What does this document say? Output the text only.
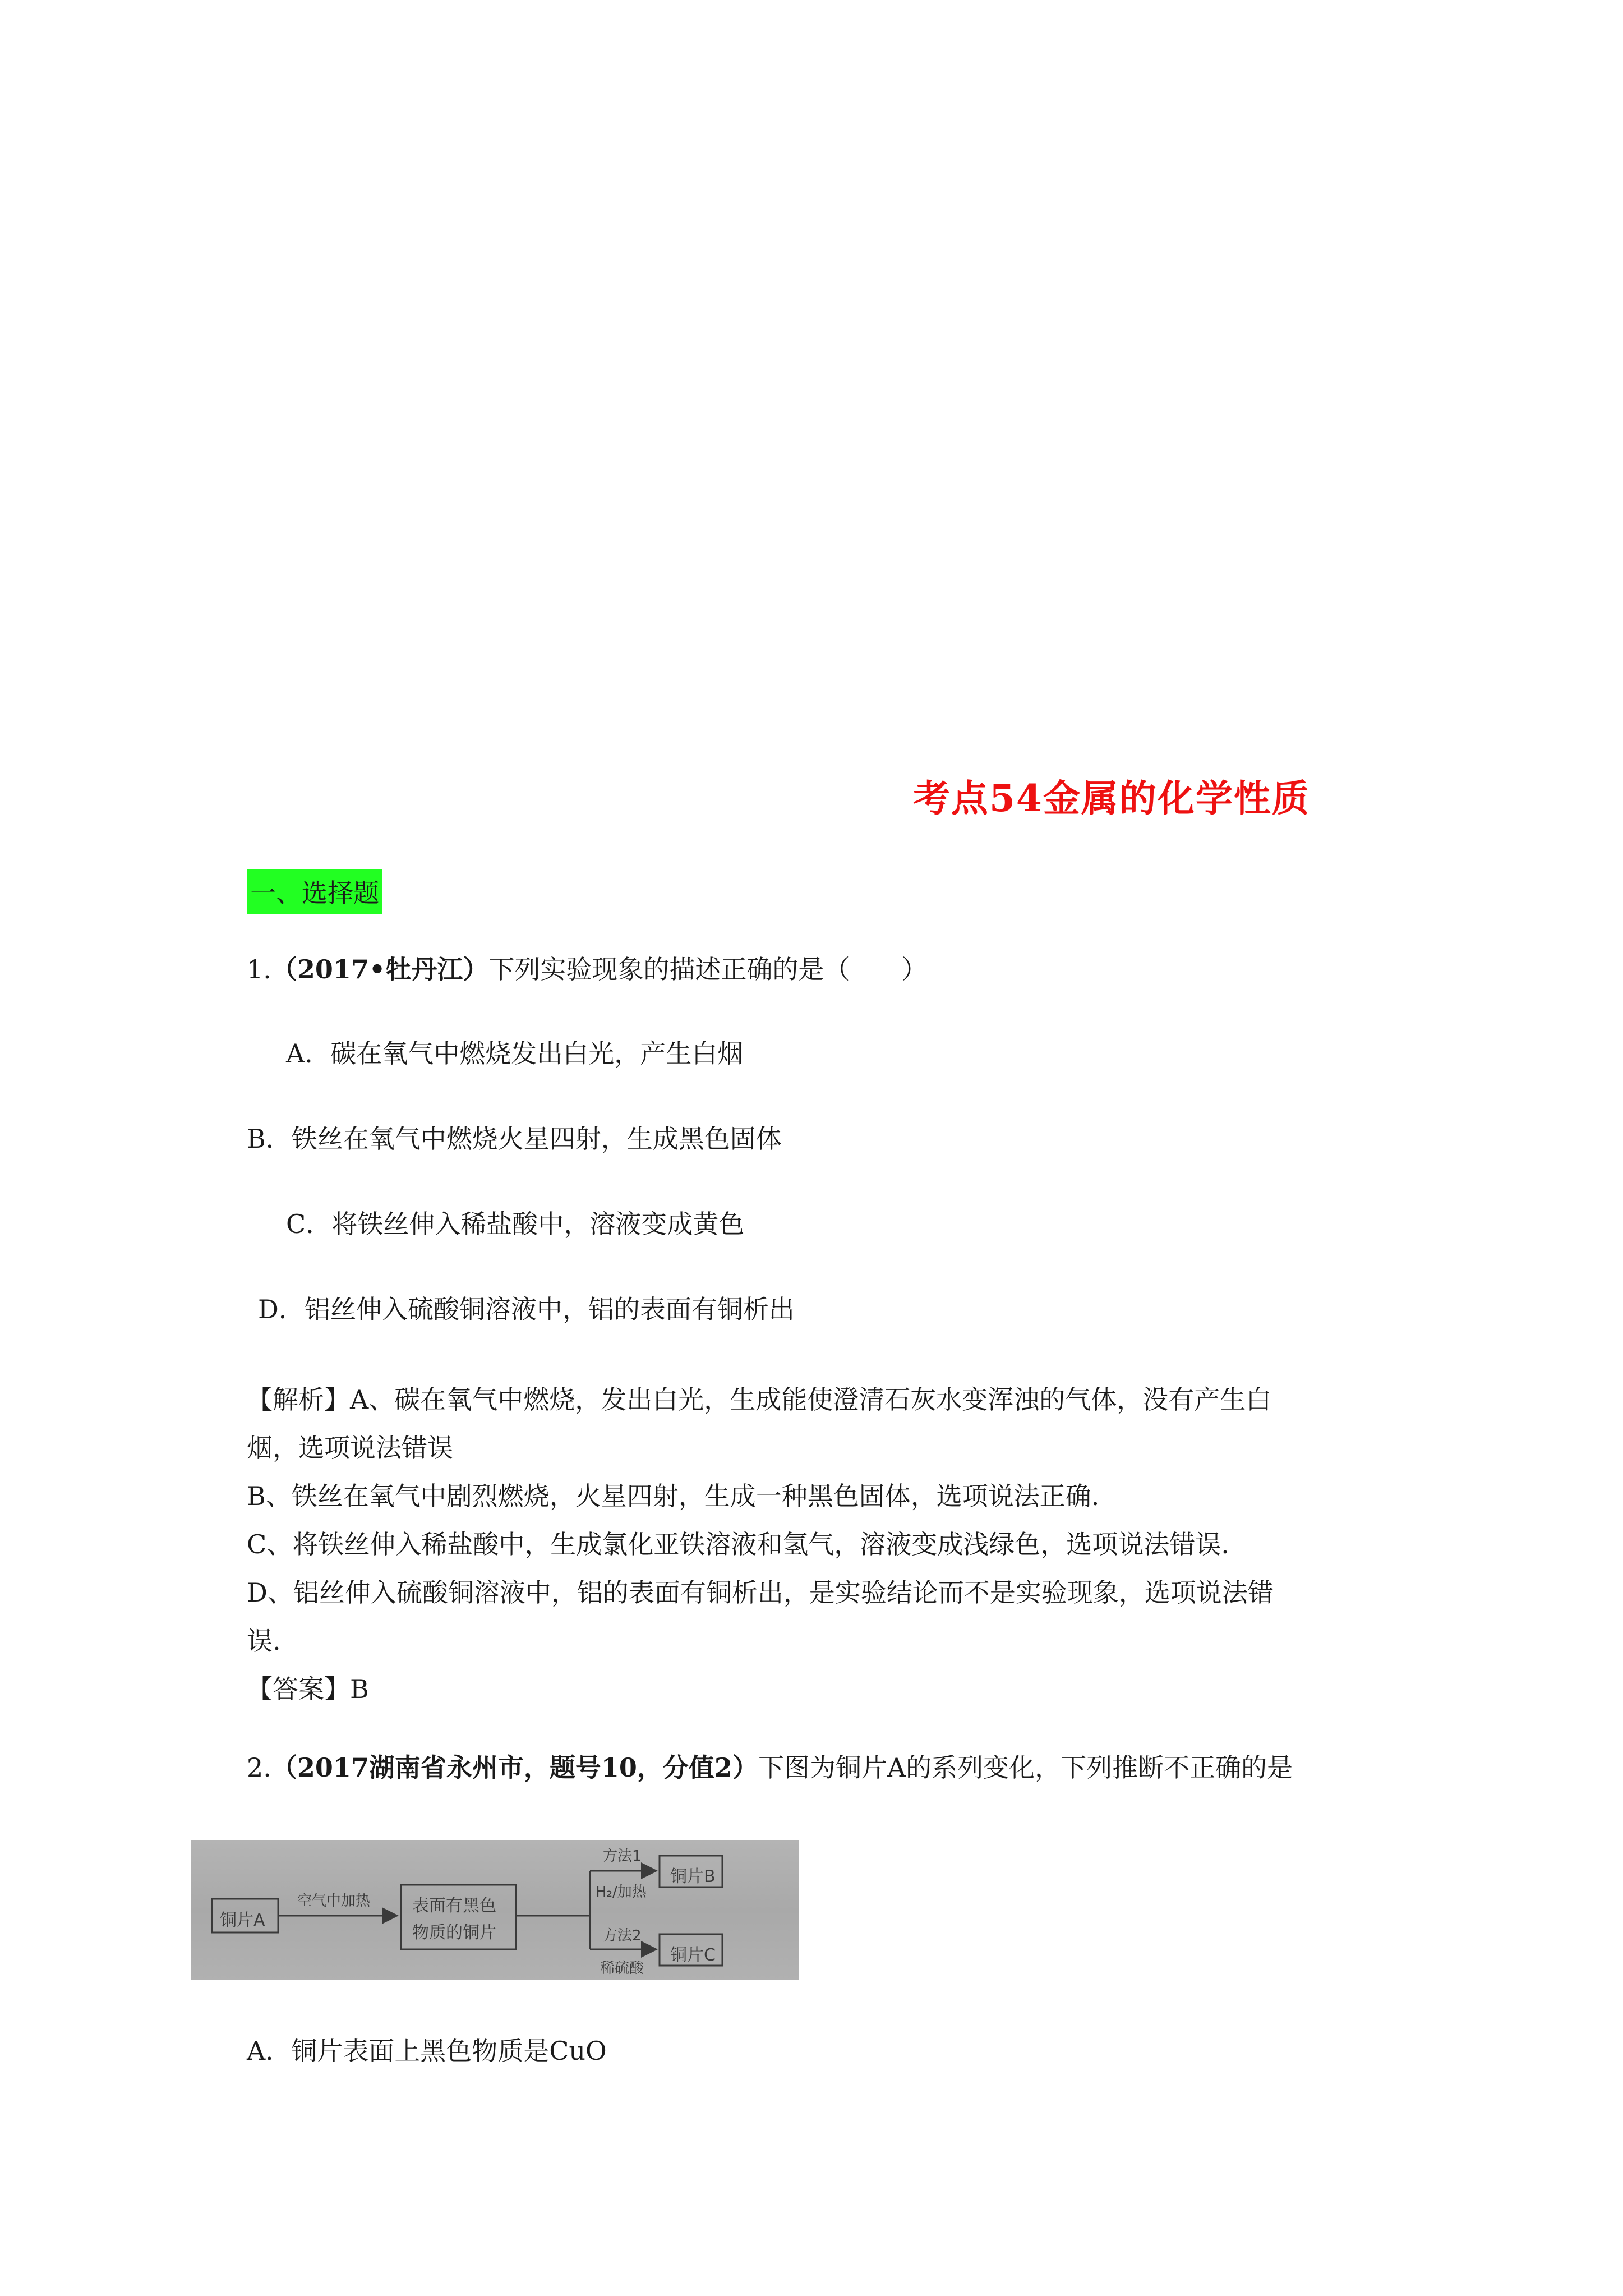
考点54金属的化学性质
一、选择题
1.（2017•牡丹江）下列实验现象的描述正确的是（　　）
A．碳在氧气中燃烧发出白光，产生白烟
B．铁丝在氧气中燃烧火星四射，生成黑色固体
C．将铁丝伸入稀盐酸中，溶液变成黄色
D．铝丝伸入硫酸铜溶液中，铝的表面有铜析出

【解析】A、碳在氧气中燃烧，发出白光，生成能使澄清石灰水变浑浊的气体，没有产生白

烟，选项说法错误

B、铁丝在氧气中剧烈燃烧，火星四射，生成一种黑色固体，选项说法正确.

C、将铁丝伸入稀盐酸中，生成氯化亚铁溶液和氢气，溶液变成浅绿色，选项说法错误.

D、铝丝伸入硫酸铜溶液中，铝的表面有铜析出，是实验结论而不是实验现象，选项说法错

误.

【答案】B

2.（2017湖南省永州市，题号10，分值2）下图为铜片A的系列变化，下列推断不正确的是
铜片A
空气中加热 表面有黑色
物质的铜片
方法1
H₂/加热
铜片B
方法2
稀硫酸
铜片C
A．铜片表面上黑色物质是CuO
